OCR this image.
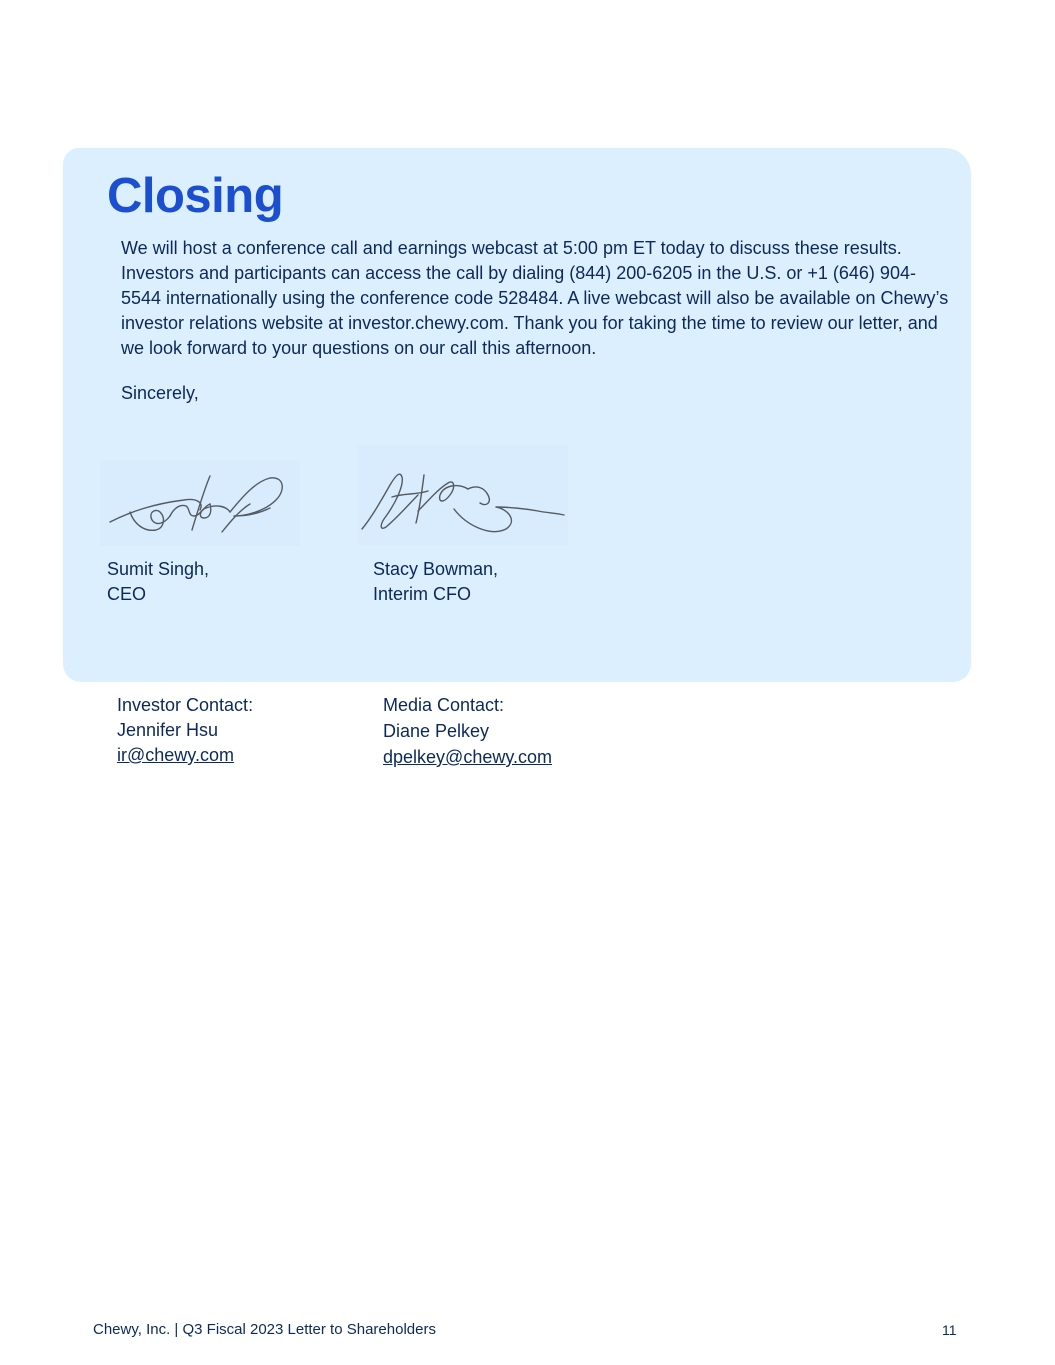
Closing

We will host a conference call and earnings webcast at 5:00 pm ET today to discuss these results. Investors and participants can access the call by dialing (844) 200-6205 in the U.S. or +1 (646) 904-5544 internationally using the conference code 528484. A live webcast will also be available on Chewy’s investor relations website at investor.chewy.com. Thank you for taking the time to review our letter, and we look forward to your questions on our call this afternoon.

Sincerely,

Sumit Singh,
CEO
Stacy Bowman,
Interim CFO
Investor Contact:
Jennifer Hsu
ir@chewy.com
Media Contact:
Diane Pelkey
dpelkey@chewy.com
Chewy, Inc. | Q3 Fiscal 2023 Letter to Shareholders	11
